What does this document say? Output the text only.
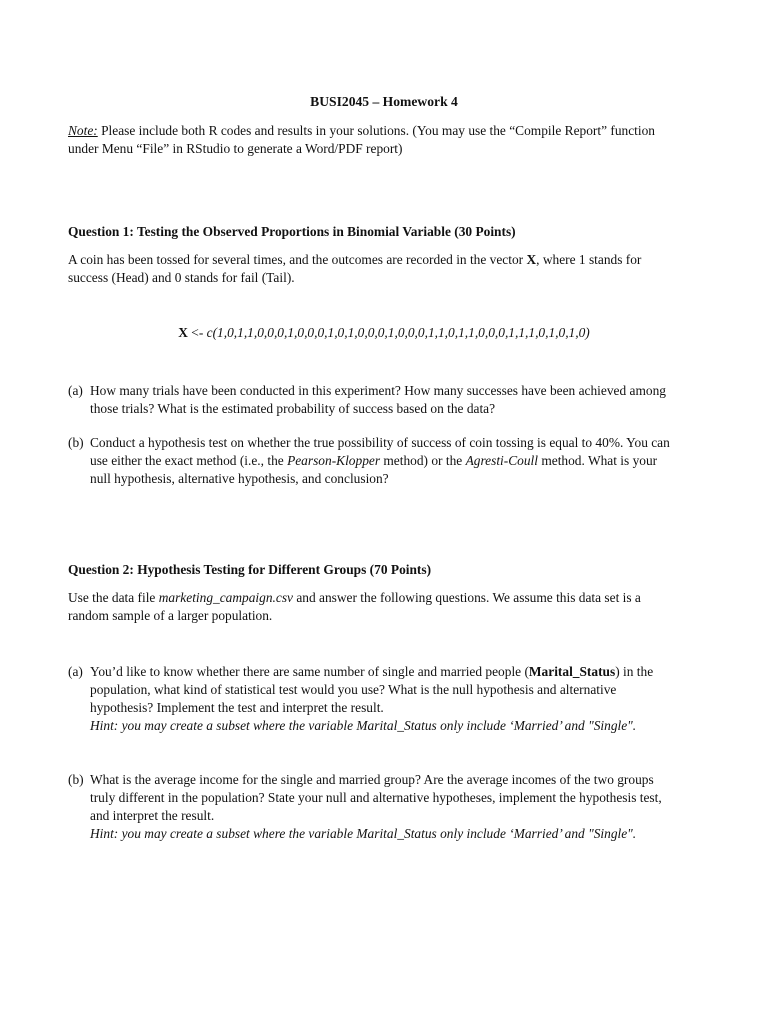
BUSI2045 – Homework 4
Note: Please include both R codes and results in your solutions. (You may use the “Compile Report” function
under Menu “File” in RStudio to generate a Word/PDF report)
Question 1: Testing the Observed Proportions in Binomial Variable (30 Points)
A coin has been tossed for several times, and the outcomes are recorded in the vector X, where 1 stands for
success (Head) and 0 stands for fail (Tail).
X <- c(1,0,1,1,0,0,0,1,0,0,0,1,0,1,0,0,0,1,0,0,0,1,1,0,1,1,0,0,0,1,1,1,0,1,0,1,0)
(a) How many trials have been conducted in this experiment? How many successes have been achieved among
those trials? What is the estimated probability of success based on the data?
(b) Conduct a hypothesis test on whether the true possibility of success of coin tossing is equal to 40%. You can
use either the exact method (i.e., the Pearson-Klopper method) or the Agresti-Coull method. What is your
null hypothesis, alternative hypothesis, and conclusion?
Question 2: Hypothesis Testing for Different Groups (70 Points)
Use the data file marketing_campaign.csv and answer the following questions. We assume this data set is a
random sample of a larger population.
(a) You’d like to know whether there are same number of single and married people (Marital_Status) in the
population, what kind of statistical test would you use? What is the null hypothesis and alternative
hypothesis? Implement the test and interpret the result.
Hint: you may create a subset where the variable Marital_Status only include ‘Married’ and "Single".
(b) What is the average income for the single and married group? Are the average incomes of the two groups
truly different in the population? State your null and alternative hypotheses, implement the hypothesis test,
and interpret the result.
Hint: you may create a subset where the variable Marital_Status only include ‘Married’ and "Single".
